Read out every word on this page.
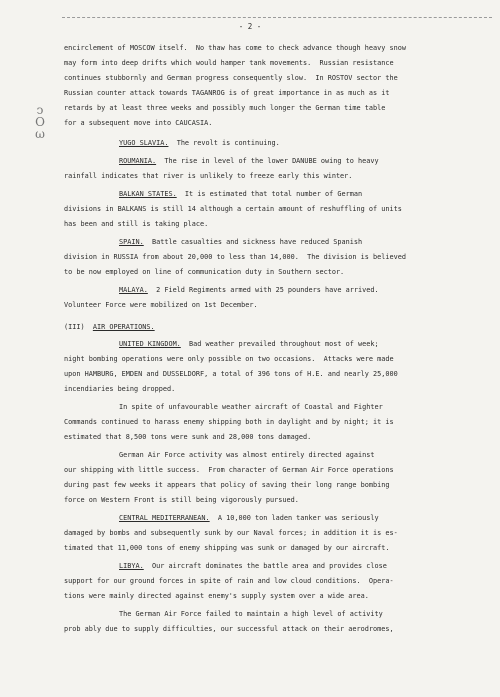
- 2 -
ↄ
O
ω
encirclement of MOSCOW itself.  No thaw has come to check advance though heavy snow
may form into deep drifts which would hamper tank movements.  Russian resistance
continues stubbornly and German progress consequently slow.  In ROSTOV sector the
Russian counter attack towards TAGANROG is of great importance in as much as it
retards by at least three weeks and possibly much longer the German time table
for a subsequent move into CAUCASIA.
YUGO SLAVIA.  The revolt is continuing.
ROUMANIA.  The rise in level of the lower DANUBE owing to heavy
rainfall indicates that river is unlikely to freeze early this winter.
BALKAN STATES.  It is estimated that total number of German
divisions in BALKANS is still 14 although a certain amount of reshuffling of units
has been and still is taking place.
SPAIN.  Battle casualties and sickness have reduced Spanish
division in RUSSIA from about 20,000 to less than 14,000.  The division is believed
to be now employed on line of communication duty in Southern sector.
MALAYA.  2 Field Regiments armed with 25 pounders have arrived.
Volunteer Force were mobilized on 1st December.
(III)  AIR OPERATIONS.
UNITED KINGDOM.  Bad weather prevailed throughout most of week;
night bombing operations were only possible on two occasions.  Attacks were made
upon HAMBURG, EMDEN and DUSSELDORF, a total of 396 tons of H.E. and nearly 25,000
incendiaries being dropped.
In spite of unfavourable weather aircraft of Coastal and Fighter
Commands continued to harass enemy shipping both in daylight and by night; it is
estimated that 8,500 tons were sunk and 28,000 tons damaged.
German Air Force activity was almost entirely directed against
our shipping with little success.  From character of German Air Force operations
during past few weeks it appears that policy of saving their long range bombing
force on Western Front is still being vigorously pursued.
CENTRAL MEDITERRANEAN.  A 10,000 ton laden tanker was seriously
damaged by bombs and subsequently sunk by our Naval forces; in addition it is es-
timated that 11,000 tons of enemy shipping was sunk or damaged by our aircraft.
LIBYA.  Our aircraft dominates the battle area and provides close
support for our ground forces in spite of rain and low cloud conditions.  Opera-
tions were mainly directed against enemy's supply system over a wide area.
The German Air Force failed to maintain a high level of activity
prob ably due to supply difficulties, our successful attack on their aerodromes,
